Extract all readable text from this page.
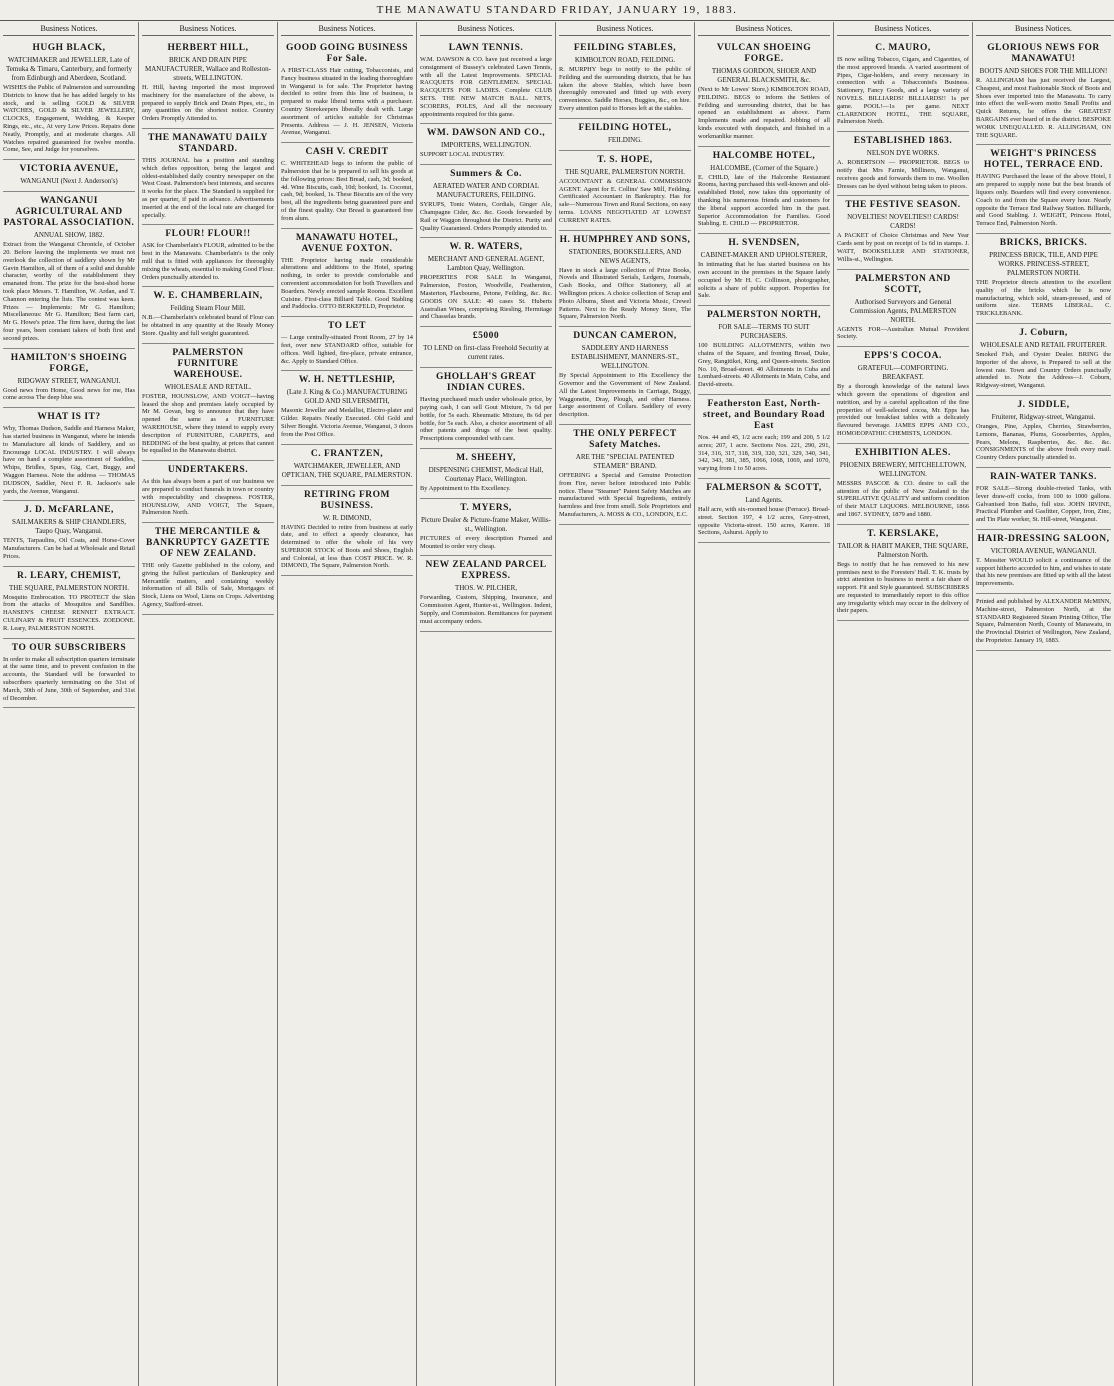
THE MANAWATU STANDARD FRIDAY, JANUARY 19, 1883.
Business Notices.
HUGH BLACK,
WATCHMAKER and JEWELLER, Late of Temuka & Timaru, Canterbury, and formerly from Edinburgh and Aberdeen, Scotland.
WISHES the Public of Palmerston and surrounding Districts to know that he has added largely to his stock, and is selling GOLD & SILVER WATCHES, GOLD & SILVER JEWELLERY, CLOCKS, Engagement, Wedding, & Keeper Rings, etc., etc., At very Low Prices. Repairs done Neatly, Promptly, and at moderate charges. All Watches repaired guaranteed for twelve months. Come, See, and Judge for yourselves.
VICTORIA AVENUE,
WANGANUI (Next J. Anderson's)
WANGANUI AGRICULTURAL AND PASTORAL ASSOCIATION.
ANNUAL SHOW, 1882.
Extract from the Wanganui Chronicle, of October 20. Before leaving the implements we must not overlook the collection of saddlery shown by Mr Gavin Hamilton, all of them of a solid and durable character, worthy of the establishment they emanated from. The prize for the best-shod horse took place Messrs. T. Hamilton, W. Ardan, and T. Channon entering the lists. The contest was keen. Prizes — Implements: Mr G. Hamilton; Miscellaneous: Mr G. Hamilton; Best farm cart, Mr G. Howe's prize. The firm have, during the last four years, been constant takers of both first and second prizes.
HAMILTON'S SHOEING FORGE,
RIDGWAY STREET, WANGANUI.
Good news from Home, Good news for me, Has come across The deep blue sea.
WHAT IS IT?
Why, Thomas Dudson, Saddle and Harness Maker, has started business in Wanganui, where he intends to Manufacture all kinds of Saddlery, and so Encourage LOCAL INDUSTRY. I will always have on hand a complete assortment of Saddles, Whips, Bridles, Spurs, Gig, Cart, Buggy, and Waggon Harness. Note the address — THOMAS DUDSON, Saddler, Next F. R. Jackson's sale yards, the Avenue, Wanganui.
J. D. McFARLANE,
SAILMAKERS & SHIP CHANDLERS, Taupo Quay, Wanganui.
TENTS, Tarpaulins, Oil Coats, and Horse-Cover Manufacturers. Can be had at Wholesale and Retail Prices.
R. LEARY, CHEMIST,
THE SQUARE, PALMERSTON NORTH.
Mosquito Embrocation. TO PROTECT the Skin from the attacks of Mosquitos and Sandflies. HANSEN'S CHEESE RENNET EXTRACT. CULINARY & FRUIT ESSENCES. ZOEDONE. R. Leary, PALMERSTON NORTH.
TO OUR SUBSCRIBERS
In order to make all subscription quarters terminate at the same time, and to prevent confusion in the accounts, the Standard will be forwarded to subscribers quarterly terminating on the 31st of March, 30th of June, 30th of September, and 31st of December.
Business Notices.
HERBERT HILL,
BRICK AND DRAIN PIPE MANUFACTURER, Wallace and Rolleston-streets, WELLINGTON.
H. Hill, having imported the most improved machinery for the manufacture of the above, is prepared to supply Brick and Drain Pipes, etc., in any quantities on the shortest notice. Country Orders Promptly Attended to.
THE MANAWATU DAILY STANDARD.
THIS JOURNAL has a position and standing which defies opposition, being the largest and oldest-established daily country newspaper on the West Coast. Palmerston's best interests, and secures it works for the place. The Standard is supplied for as per quarter, if paid in advance. Advertisements inserted at the end of the local rate are charged for specially.
FLOUR! FLOUR!!
ASK for Chamberlain's FLOUR, admitted to be the best in the Manawatu. Chamberlain's is the only mill that is fitted with appliances for thoroughly mixing the wheats, essential to making Good Flour. Orders punctually attended to.
W. E. CHAMBERLAIN,
Feilding Steam Flour Mill.
N.B.—Chamberlain's celebrated brand of Flour can be obtained in any quantity at the Ready Money Store. Quality and full weight guaranteed.
PALMERSTON FURNITURE WAREHOUSE.
WHOLESALE AND RETAIL.
FOSTER, HOUNSLOW, AND VOIGT—having leased the shop and premises lately occupied by Mr M. Govan, beg to announce that they have opened the same as a FURNITURE WAREHOUSE, where they intend to supply every description of FURNITURE, CARPETS, and BEDDING of the best quality, at prices that cannot be equalled in the Manawatu district.
UNDERTAKERS.
As this has always been a part of our business we are prepared to conduct funerals in town or country with respectability and cheapness. FOSTER, HOUNSLOW, AND VOIGT, The Square, Palmerston North.
THE MERCANTILE & BANKRUPTCY GAZETTE OF NEW ZEALAND.
THE only Gazette published in the colony, and giving the fullest particulars of Bankruptcy and Mercantile matters, and containing weekly information of all Bills of Sale, Mortgages of Stock, Liens on Wool, Liens on Crops. Advertising Agency, Stafford-street.
Business Notices.
GOOD GOING BUSINESS For Sale.
A FIRST-CLASS Hair cutting, Tobacconists, and Fancy business situated in the leading thoroughfare in Wanganui is for sale. The Proprietor having decided to retire from this line of business, is prepared to make liberal terms with a purchaser. Country Storekeepers liberally dealt with. Large assortment of articles suitable for Christmas Presents. Address — J. H. JENSEN, Victoria Avenue, Wanganui.
CASH V. CREDIT
C. WHITEHEAD begs to inform the public of Palmerston that he is prepared to sell his goods at the following prices: Best Bread, cash, 3d; booked, 4d. Wine Biscuits, cash, 10d; booked, 1s. Coconut, cash, 9d; booked, 1s. These Biscuits are of the very best, all the ingredients being guaranteed pure and of the finest quality. Our Bread is guaranteed free from alum.
MANAWATU HOTEL, AVENUE FOXTON.
THE Proprietor having made considerable alterations and additions to the Hotel, sparing nothing, in order to provide comfortable and convenient accommodation for both Travellers and Boarders. Newly erected sample Rooms. Excellent Cuisine. First-class Billiard Table. Good Stabling and Paddocks. OTTO BERKEFELD, Proprietor.
TO LET
— Large centrally-situated Front Room, 27 by 14 feet, over new STANDARD office, suitable for offices. Well lighted, fire-place, private entrance, &c. Apply to Standard Office.
W. H. NETTLESHIP,
(Late J. King & Co.) MANUFACTURING GOLD AND SILVERSMITH,
Masonic Jeweller and Medallist, Electro-plater and Gilder. Repairs Neatly Executed. Old Gold and Silver Bought. Victoria Avenue, Wanganui, 3 doors from the Post Office.
C. FRANTZEN,
WATCHMAKER, JEWELLER, AND OPTICIAN, THE SQUARE, PALMERSTON.
RETIRING FROM BUSINESS.
W. R. DIMOND,
HAVING Decided to retire from business at early date, and to effect a speedy clearance, has determined to offer the whole of his very SUPERIOR STOCK of Boots and Shoes, English and Colonial, at less than COST PRICE. W. R. DIMOND, The Square, Palmerston North.
Business Notices.
LAWN TENNIS.
W.M. DAWSON & CO. have just received a large consignment of Bussey's celebrated Lawn Tennis, with all the Latest Improvements. SPECIAL RACQUETS FOR GENTLEMEN. SPECIAL RACQUETS FOR LADIES. Complete CLUB SETS. THE NEW MATCH BALL. NETS, SCORERS, POLES, And all the necessary appointments required for this game.
WM. DAWSON AND CO.,
IMPORTERS, WELLINGTON.
SUPPORT LOCAL INDUSTRY.
Summers & Co.
AERATED WATER AND CORDIAL MANUFACTURERS, FEILDING.
SYRUPS, Tonic Waters, Cordials, Ginger Ale, Champagne Cider, &c. &c. Goods forwarded by Rail or Waggon throughout the District. Purity and Quality Guaranteed. Orders Promptly attended to.
W. R. WATERS,
MERCHANT AND GENERAL AGENT, Lambton Quay, Wellington.
PROPERTIES FOR SALE In Wanganui, Palmerston, Foxton, Woodville, Featherston, Masterton, Flaxbourne, Petone, Feilding, &c. &c. GOODS ON SALE: 40 cases St. Huberts Australian Wines, comprising Riesling, Hermitage and Chasselas brands.
£5000
TO LEND on first-class Freehold Security at current rates.
GHOLLAH'S GREAT INDIAN CURES.
Having purchased much under wholesale price, by paying cash, I can sell Gout Mixture, 7s 6d per bottle, for 5s each. Rheumatic Mixture, 8s 6d per bottle, for 5s each. Also, a choice assortment of all other patents and drugs of the best quality. Prescriptions compounded with care.
M. SHEEHY,
DISPENSING CHEMIST, Medical Hall, Courtenay Place, Wellington.
By Appointment to His Excellency.
T. MYERS,
Picture Dealer & Picture-frame Maker, Willis-st., Wellington.
PICTURES of every description Framed and Mounted to order very cheap.
NEW ZEALAND PARCEL EXPRESS.
THOS. W. PILCHER,
Forwarding, Custom, Shipping, Insurance, and Commission Agent, Hunter-st., Wellington. Indent, Supply, and Commission. Remittances for payment must accompany orders.
Business Notices.
FEILDING STABLES,
KIMBOLTON ROAD, FEILDING.
R. MURPHY begs to notify to the public of Feilding and the surrounding districts, that he has taken the above Stables, which have been thoroughly renovated and fitted up with every convenience. Saddle Horses, Buggies, &c., on hire. Every attention paid to Horses left at the stables.
FEILDING HOTEL,
FEILDING.
T. S. HOPE,
THE SQUARE, PALMERSTON NORTH.
ACCOUNTANT & GENERAL COMMISSION AGENT. Agent for E. Collins' Saw Mill, Feilding. Certificated Accountant in Bankruptcy. Has for sale—Numerous Town and Rural Sections, on easy terms. LOANS NEGOTIATED AT LOWEST CURRENT RATES.
H. HUMPHREY AND SONS,
STATIONERS, BOOKSELLERS, AND NEWS AGENTS,
Have in stock a large collection of Prize Books, Novels and Illustrated Serials, Ledgers, Journals, Cash Books, and Office Stationery, all at Wellington prices. A choice collection of Scrap and Photo Albums, Sheet and Victoria Music, Crewel Patterns. Next to the Ready Money Store, The Square, Palmerston North.
DUNCAN CAMERON,
SADDLERY AND HARNESS ESTABLISHMENT, MANNERS-ST., WELLINGTON.
By Special Appointment to His Excellency the Governor and the Government of New Zealand. All the Latest Improvements in Carriage, Buggy, Waggonette, Dray, Plough, and other Harness. Large assortment of Collars. Saddlery of every description.
THE ONLY PERFECT Safety Matches.
ARE THE "SPECIAL PATENTED STEAMER" BRAND.
OFFERING a Special and Genuine Protection from Fire, never before introduced into Public notice. These "Steamer" Patent Safety Matches are manufactured with Special Ingredients, entirely harmless and free from smell. Sole Proprietors and Manufacturers, A. MOSS & CO., LONDON, E.C.
Business Notices.
VULCAN SHOEING FORGE.
THOMAS GORDON, SHOER AND GENERAL BLACKSMITH, &c.
(Next to Mr Lowes' Store,) KIMBOLTON ROAD, FEILDING. BEGS to inform the Settlers of Feilding and surrounding district, that he has opened an establishment as above. Farm Implements made and repaired. Jobbing of all kinds executed with despatch, and finished in a workmanlike manner.
HALCOMBE HOTEL,
HALCOMBE, (Corner of the Square.)
E. CHILD, late of the Halcombe Restaurant Rooms, having purchased this well-known and old-established Hotel, now takes this opportunity of thanking his numerous friends and customers for the liberal support accorded him in the past. Superior Accommodation for Families. Good Stabling. E. CHILD — PROPRIETOR.
H. SVENDSEN,
CABINET-MAKER AND UPHOLSTERER,
In intimating that he has started business on his own account in the premises in the Square lately occupied by Mr H. C. Collinson, photographer, solicits a share of public support. Properties for Sale.
PALMERSTON NORTH,
FOR SALE—TERMS TO SUIT PURCHASERS.
100 BUILDING ALLOTMENTS, within two chains of the Square, and fronting Broad, Duke, Grey, Rangitikei, King, and Queen-streets. Section No. 10, Broad-street. 40 Allotments in Cuba and Lombard-streets. 40 Allotments in Main, Cuba, and David-streets.
Featherston East, North-street, and Boundary Road East
Nos. 44 and 45, 1/2 acre each; 199 and 200, 5 1/2 acres; 207, 1 acre. Sections Nos. 221, 290, 291, 314, 316, 317, 318, 319, 320, 321, 329, 340, 341, 342, 343, 381, 385, 1066, 1068, 1069, and 1070, varying from 1 to 50 acres.
FALMERSON & SCOTT,
Land Agents.
Half acre, with six-roomed house (Ferrace). Broad-street. Section 197, 4 1/2 acres, Grey-street, opposite Victoria-street. 150 acres, Karere. 18 Sections, Ashurst. Apply to
Business Notices.
C. MAURO,
IS now selling Tobacco, Cigars, and Cigarettes, of the most approved brands. A varied assortment of Pipes, Cigar-holders, and every necessary in connection with a Tobacconist's Business. Stationery, Fancy Goods, and a large variety of NOVELS. BILLIARDS! BILLIARDS!! 1s per game. POOL!—1s per game. NEXT CLARENDON HOTEL, THE SQUARE, Palmerston North.
ESTABLISHED 1863.
NELSON DYE WORKS.
A. ROBERTSON — PROPRIETOR. BEGS to notify that Mrs Farnie, Milliners, Wanganui, receives goods and forwards them to me. Woollen Dresses can be dyed without being taken to pieces.
THE FESTIVE SEASON.
NOVELTIES! NOVELTIES!! CARDS! CARDS!
A PACKET of Choice Christmas and New Year Cards sent by post on receipt of 1s 6d in stamps. J. WATT, BOOKSELLER AND STATIONER, Willis-st., Wellington.
PALMERSTON AND SCOTT,
Authorised Surveyors and General Commission Agents, PALMERSTON NORTH.
AGENTS FOR—Australian Mutual Provident Society.
EPPS'S COCOA.
GRATEFUL—COMFORTING. BREAKFAST.
By a thorough knowledge of the natural laws which govern the operations of digestion and nutrition, and by a careful application of the fine properties of well-selected cocoa, Mr. Epps has provided our breakfast tables with a delicately flavoured beverage. JAMES EPPS AND CO., HOMOEOPATHIC CHEMISTS, LONDON.
EXHIBITION ALES.
PHOENIX BREWERY, MITCHELLTOWN, WELLINGTON.
MESSRS PASCOE & CO. desire to call the attention of the public of New Zealand to the SUPERLATIVE QUALITY and uniform condition of their MALT LIQUORS. MELBOURNE, 1866 and 1867. SYDNEY, 1879 and 1880.
T. KERSLAKE,
TAILOR & HABIT MAKER, THE SQUARE, Palmerston North.
Begs to notify that he has removed to his new premises next to the Foresters' Hall. T. K. trusts by strict attention to business to merit a fair share of support. Fit and Style guaranteed. SUBSCRIBERS are requested to immediately report to this office any irregularity which may occur in the delivery of their papers.
Business Notices.
GLORIOUS NEWS FOR MANAWATU!
BOOTS AND SHOES FOR THE MILLION!
R. ALLINGHAM has just received the Largest, Cheapest, and most Fashionable Stock of Boots and Shoes ever imported into the Manawatu. To carry into effect the well-worn motto Small Profits and Quick Returns, he offers the GREATEST BARGAINS ever heard of in the district. BESPOKE WORK UNEQUALLED. R. ALLINGHAM, ON THE SQUARE.
WEIGHT'S PRINCESS HOTEL, TERRACE END.
HAVING Purchased the lease of the above Hotel, I am prepared to supply none but the best brands of liquors only. Boarders will find every convenience. Coach to and from the Square every hour. Nearly opposite the Terrace End Railway Station. Billiards, and Good Stabling. J. WEIGHT, Princess Hotel, Terrace End, Palmerston North.
BRICKS, BRICKS.
PRINCESS BRICK, TILE, AND PIPE WORKS. PRINCESS-STREET, PALMERSTON NORTH.
THE Proprietor directs attention to the excellent quality of the bricks which he is now manufacturing, which sold, steam-pressed, and of uniform size. TERMS LIBERAL. C. TRICKLEBANK.
J. Coburn,
WHOLESALE AND RETAIL FRUITERER.
Smoked Fish, and Oyster Dealer. BRING the Importer of the above, is Prepared to sell at the lowest rate. Town and Country Orders punctually attended to. Note the Address—J. Coburn, Ridgway-street, Wanganui.
J. SIDDLE,
Fruiterer, Ridgway-street, Wanganui.
Oranges, Pine, Apples, Cherries, Strawberries, Lemons, Bananas, Plums, Gooseberries, Apples, Pears, Melons, Raspberries, &c. &c. &c. CONSIGNMENTS of the above fresh every mail. Country Orders punctually attended to.
RAIN-WATER TANKS.
FOR SALE—Strong double-riveted Tanks, with lever draw-off cocks, from 100 to 1000 gallons. Galvanised Iron Baths, full size. JOHN IRVINE, Practical Plumber and Gasfitter, Copper, Iron, Zinc, and Tin Plate worker, St. Hill-street, Wanganui.
HAIR-DRESSING SALOON,
VICTORIA AVENUE, WANGANUI.
T. Messiter WOULD solicit a continuance of the support hitherto accorded to him, and wishes to state that his new premises are fitted up with all the latest improvements.
Printed and published by ALEXANDER McMINN, Machine-street, Palmerston North, at the STANDARD Registered Steam Printing Office, The Square, Palmerston North, County of Manawatu, in the Provincial District of Wellington, New Zealand, the Proprietor. January 19, 1883.
